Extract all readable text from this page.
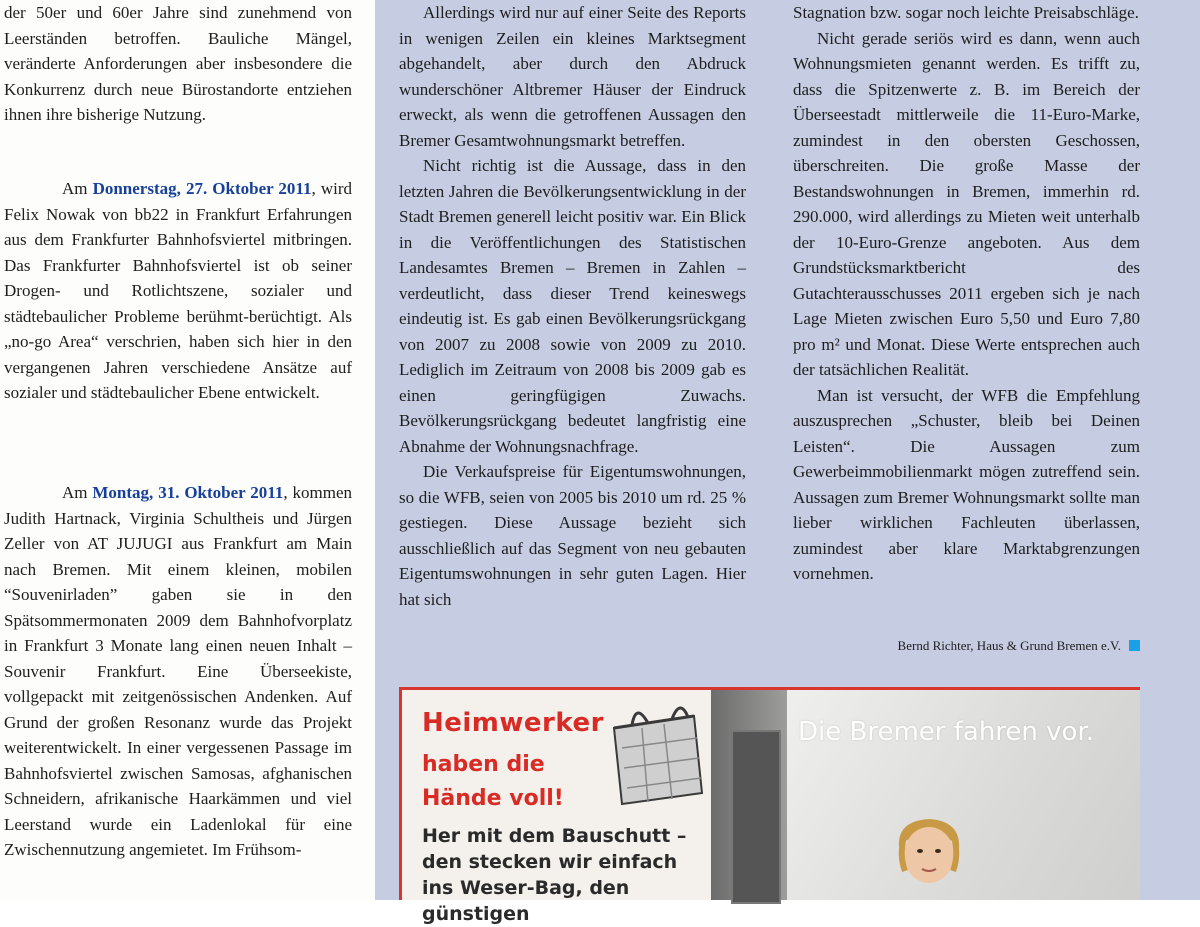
der 50er und 60er Jahre sind zunehmend von Leerständen betroffen. Bauliche Mängel, veränderte Anforderungen aber insbesondere die Konkurrenz durch neue Bürostandorte entziehen ihnen ihre bisherige Nutzung.

Am Donnerstag, 27. Oktober 2011, wird Felix Nowak von bb22 in Frankfurt Erfahrungen aus dem Frankfurter Bahnhofsviertel mitbringen. Das Frankfurter Bahnhofsviertel ist ob seiner Drogen- und Rotlichtszene, sozialer und städtebaulicher Probleme berühmt-berüchtigt. Als „no-go Area“ verschrien, haben sich hier in den vergangenen Jahren verschiedene Ansätze auf sozialer und städtebaulicher Ebene entwickelt.

Am Montag, 31. Oktober 2011, kommen Judith Hartnack, Virginia Schultheis und Jürgen Zeller von AT JUJUGI aus Frankfurt am Main nach Bremen. Mit einem kleinen, mobilen “Souvenirladen” gaben sie in den Spätsommermonaten 2009 dem Bahnhofvorplatz in Frankfurt 3 Monate lang einen neuen Inhalt – Souvenir Frankfurt. Eine Überseekiste, vollgepackt mit zeitgenössischen Andenken. Auf Grund der großen Resonanz wurde das Projekt weiterentwickelt. In einer vergessenen Passage im Bahnhofsviertel zwischen Samosas, afghanischen Schneidern, afrikanische Haarkämmen und viel Leerstand wurde ein Ladenlokal für eine Zwischennutzung angemietet. Im Frühsom-

Allerdings wird nur auf einer Seite des Reports in wenigen Zeilen ein kleines Marktsegment abgehandelt, aber durch den Abdruck wunderschöner Altbremer Häuser der Eindruck erweckt, als wenn die getroffenen Aussagen den Bremer Gesamtwohnungsmarkt betreffen.

Nicht richtig ist die Aussage, dass in den letzten Jahren die Bevölkerungsentwicklung in der Stadt Bremen generell leicht positiv war. Ein Blick in die Veröffentlichungen des Statistischen Landesamtes Bremen – Bremen in Zahlen – verdeutlicht, dass dieser Trend keineswegs eindeutig ist. Es gab einen Bevölkerungsrückgang von 2007 zu 2008 sowie von 2009 zu 2010. Lediglich im Zeitraum von 2008 bis 2009 gab es einen geringfügigen Zuwachs. Bevölkerungsrückgang bedeutet langfristig eine Abnahme der Wohnungsnachfrage.

Die Verkaufspreise für Eigentumswohnungen, so die WFB, seien von 2005 bis 2010 um rd. 25 % gestiegen. Diese Aussage bezieht sich ausschließlich auf das Segment von neu gebauten Eigentumswohnungen in sehr guten Lagen. Hier hat sich

Stagnation bzw. sogar noch leichte Preisabschläge.

Nicht gerade seriös wird es dann, wenn auch Wohnungsmieten genannt werden. Es trifft zu, dass die Spitzenwerte z. B. im Bereich der Überseestadt mittlerweile die 11-Euro-Marke, zumindest in den obersten Geschossen, überschreiten. Die große Masse der Bestandswohnungen in Bremen, immerhin rd. 290.000, wird allerdings zu Mieten weit unterhalb der 10-Euro-Grenze angeboten. Aus dem Grundstücksmarktbericht des Gutachterausschusses 2011 ergeben sich je nach Lage Mieten zwischen Euro 5,50 und Euro 7,80 pro m² und Monat. Diese Werte entsprechen auch der tatsächlichen Realität.

Man ist versucht, der WFB die Empfehlung auszusprechen „Schuster, bleib bei Deinen Leisten“. Die Aussagen zum Gewerbeimmobilienmarkt mögen zutreffend sein. Aussagen zum Bremer Wohnungsmarkt sollte man lieber wirklichen Fachleuten überlassen, zumindest aber klare Marktabgrenzungen vornehmen.

Bernd Richter, Haus & Grund Bremen e.V.
Heimwerker
haben die Hände voll!
Her mit dem Bauschutt – den stecken wir einfach ins Weser-Bag, den günstigen
Die Bremer fahren vor.
